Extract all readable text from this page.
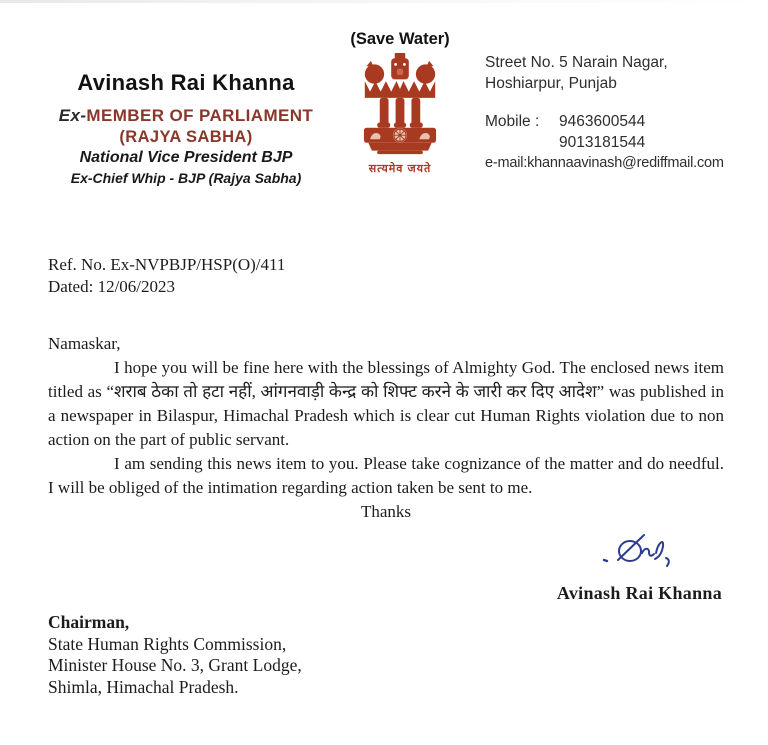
Avinash Rai Khanna
Ex-MEMBER OF PARLIAMENT
(RAJYA SABHA)
National Vice President BJP
Ex-Chief Whip - BJP (Rajya Sabha)
(Save Water)
सत्यमेव जयते
Street No. 5 Narain Nagar,
Hoshiarpur, Punjab
Mobile :	9463600544
9013181544
e-mail:khannaavinash@rediffmail.com
Ref. No. Ex-NVPBJP/HSP(O)/411
Dated: 12/06/2023

Namaskar,

I hope you will be fine here with the blessings of Almighty God. The enclosed news item titled as “शराब ठेका तो हटा नहीं, आंगनवाड़ी केन्द्र को शिफ्ट करने के जारी कर दिए आदेश” was published in a newspaper in Bilaspur, Himachal Pradesh which is clear cut Human Rights violation due to non action on the part of public servant.

I am sending this news item to you. Please take cognizance of the matter and do needful. I will be obliged of the intimation regarding action taken be sent to me.

Thanks

Avinash Rai Khanna
Chairman,
State Human Rights Commission,
Minister House No. 3, Grant Lodge,
Shimla, Himachal Pradesh.
